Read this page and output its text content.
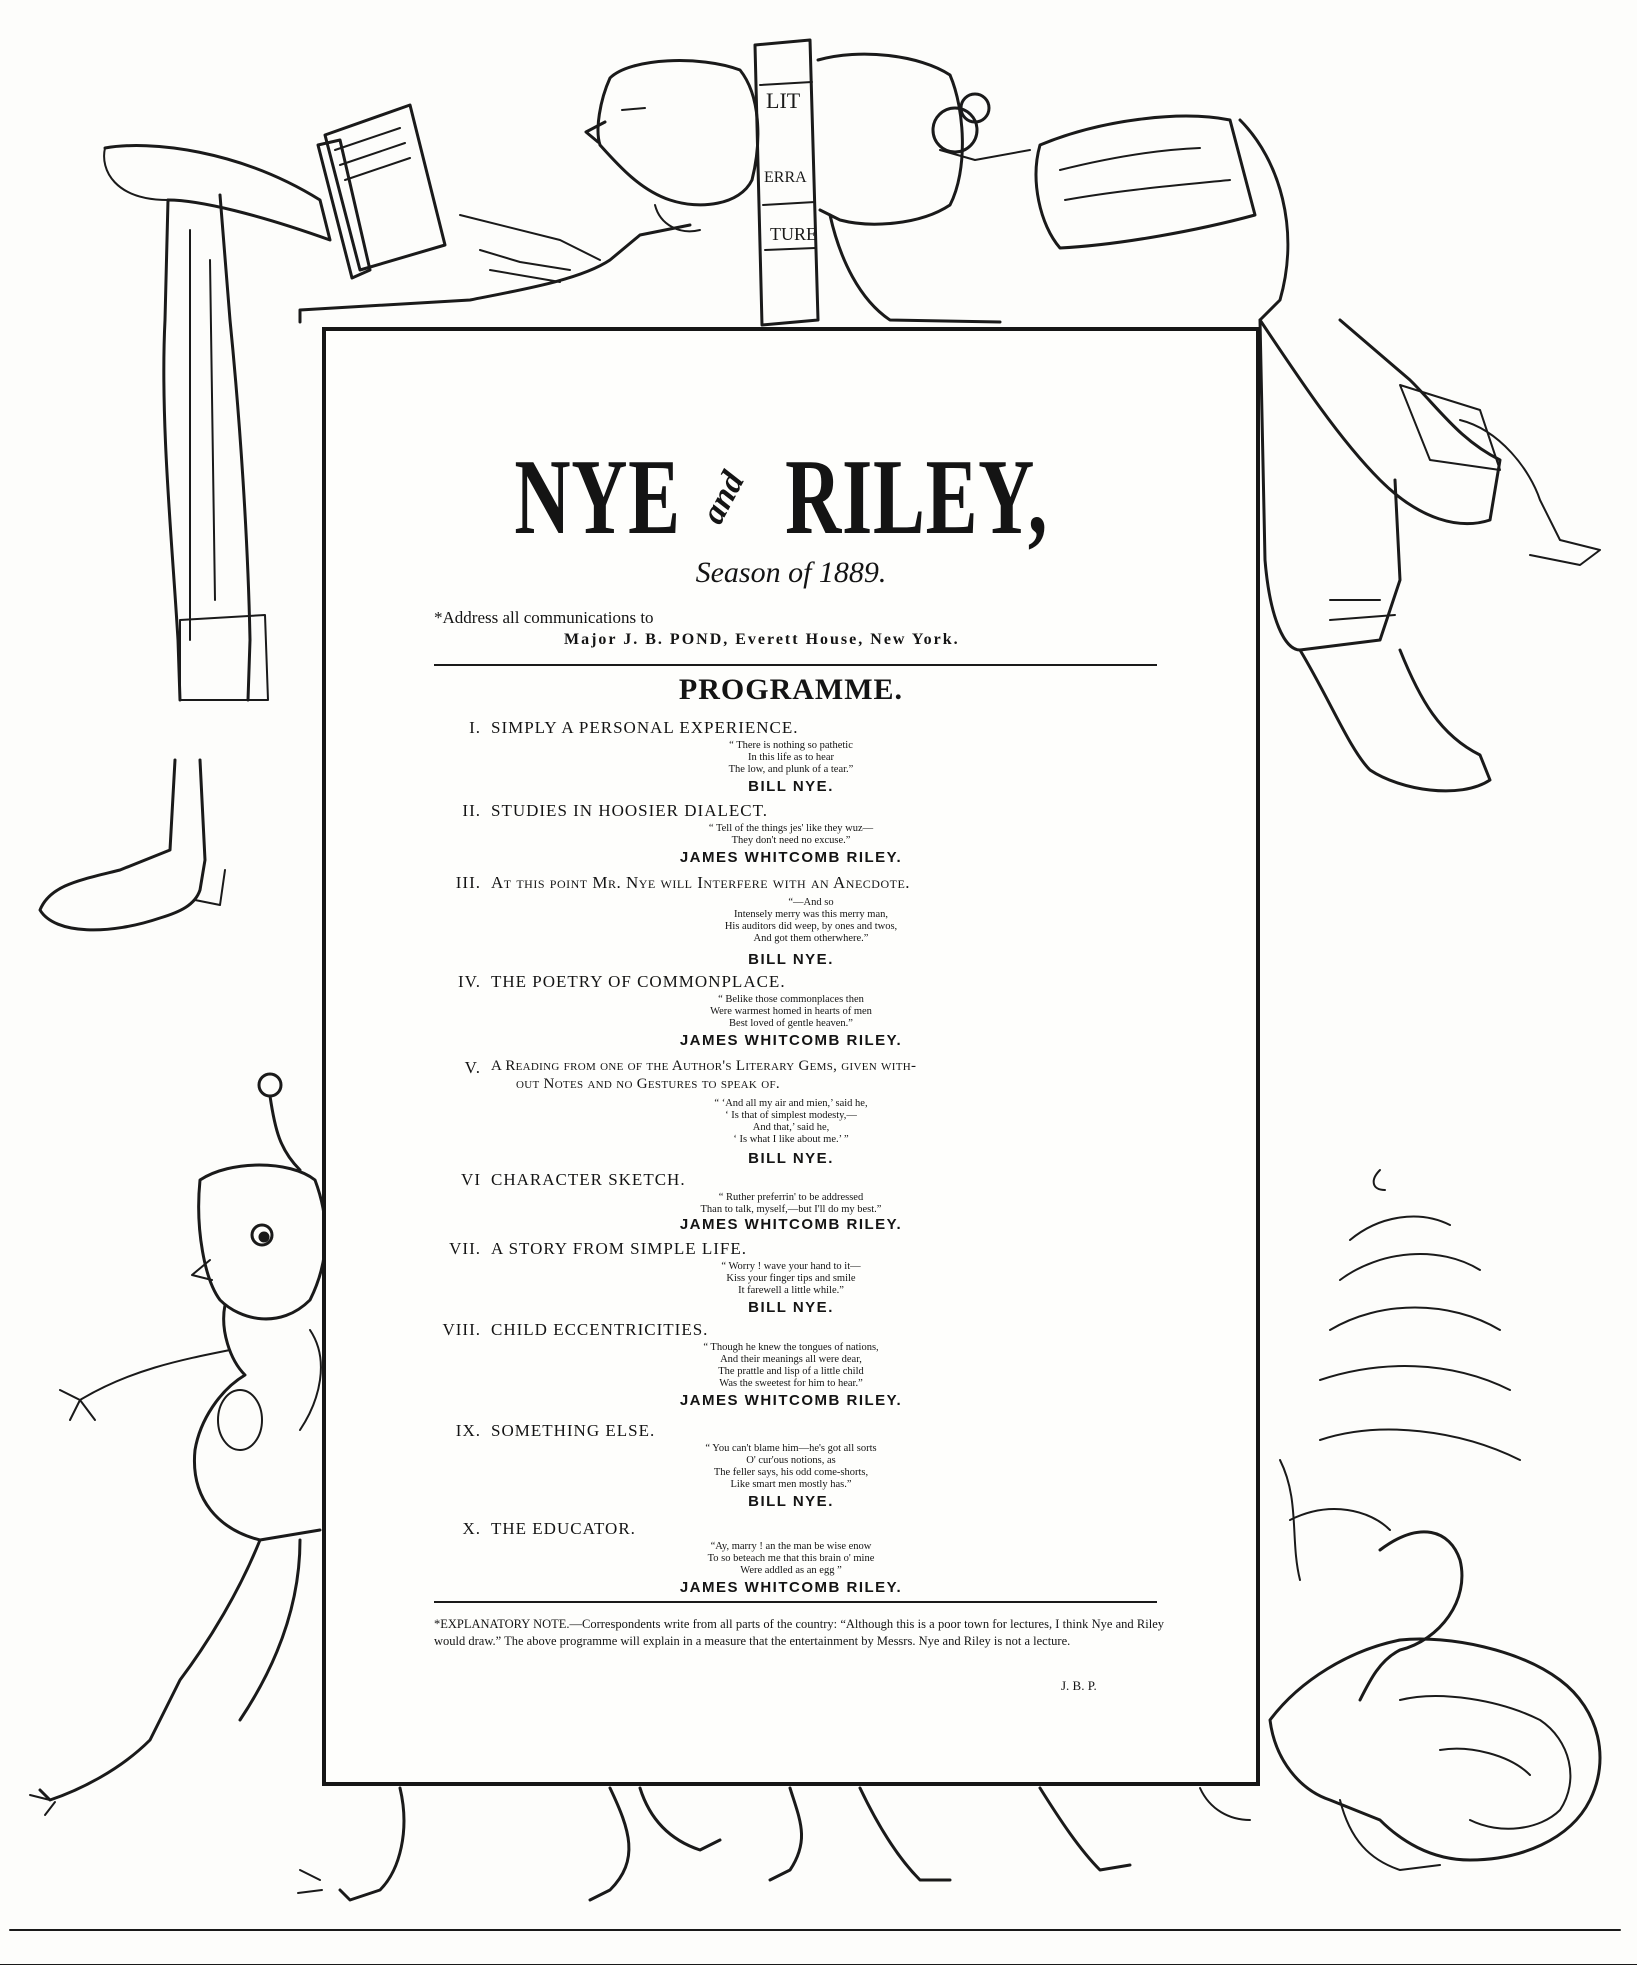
LIT
ERRA
TURE
NYE and RILEY,
Season of 1889.
*Address all communications to
Major J. B. POND, Everett House, New York.
PROGRAMME.
I. SIMPLY A PERSONAL EXPERIENCE.
“ There is nothing so pathetic
In this life as to hear
The low, and plunk of a tear.”
BILL NYE.
II. STUDIES IN HOOSIER DIALECT.
“ Tell of the things jes' like they wuz—
They don't need no excuse.”
JAMES WHITCOMB RILEY.
III. At this point Mr. Nye will Interfere with an Anecdote.
“—And so
Intensely merry was this merry man,
His auditors did weep, by ones and twos,
And got them otherwhere.”
BILL NYE.
IV. THE POETRY OF COMMONPLACE.
“ Belike those commonplaces then
Were warmest homed in hearts of men
Best loved of gentle heaven.”
JAMES WHITCOMB RILEY.
V. A Reading from one of the Author's Literary Gems, given with-
out Notes and no Gestures to speak of.
“ ‘And all my air and mien,’ said he,
‘ Is that of simplest modesty,—
And that,’ said he,
‘ Is what I like about me.’ ”
BILL NYE.
VI CHARACTER SKETCH.
“ Ruther preferrin' to be addressed
Than to talk, myself,—but I'll do my best.”
JAMES WHITCOMB RILEY.
VII. A STORY FROM SIMPLE LIFE.
“ Worry ! wave your hand to it—
Kiss your finger tips and smile
It farewell a little while.”
BILL NYE.
VIII. CHILD ECCENTRICITIES.
“ Though he knew the tongues of nations,
And their meanings all were dear,
The prattle and lisp of a little child
Was the sweetest for him to hear.”
JAMES WHITCOMB RILEY.
IX. SOMETHING ELSE.
“ You can't blame him—he's got all sorts
O' cur'ous notions, as
The feller says, his odd come-shorts,
Like smart men mostly has.”
BILL NYE.
X. THE EDUCATOR.
“Ay, marry ! an the man be wise enow
To so beteach me that this brain o' mine
Were addled as an egg ”
JAMES WHITCOMB RILEY.
*EXPLANATORY NOTE.—Correspondents write from all parts of the country: “Although this is a poor town for lectures, I think Nye and Riley would draw.” The above programme will explain in a measure that the entertainment by Messrs. Nye and Riley is not a lecture.
J. B. P.
